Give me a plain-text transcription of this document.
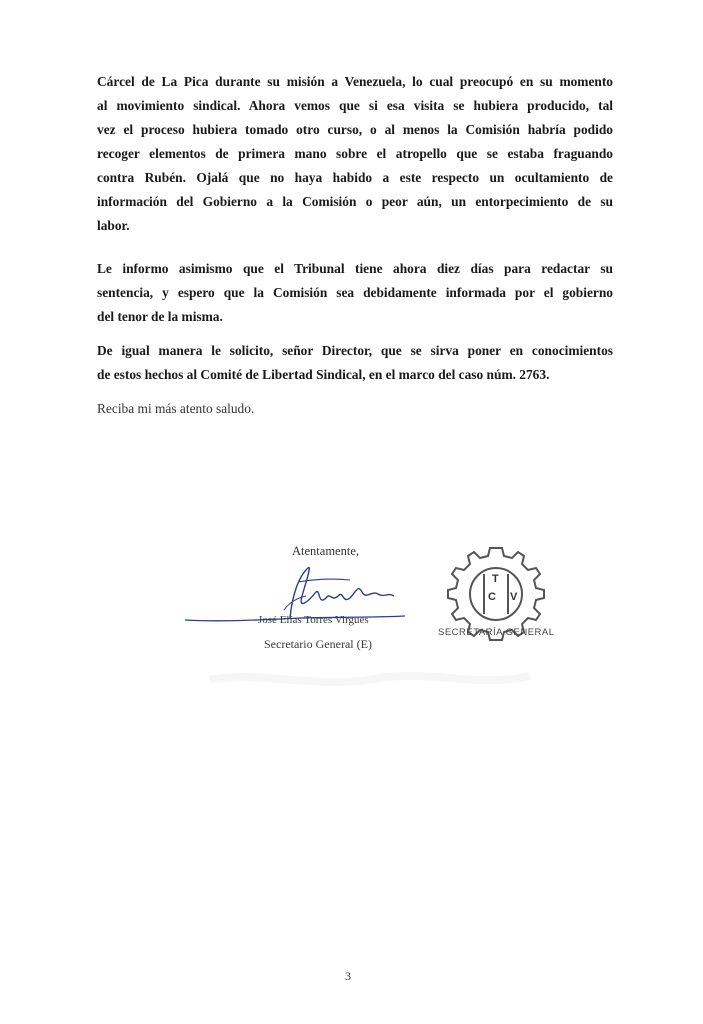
Cárcel de La Pica durante su misión a Venezuela, lo cual preocupó en su momento
al movimiento sindical. Ahora vemos que si esa visita se hubiera producido, tal
vez el proceso hubiera tomado otro curso, o al menos la Comisión habría podido
recoger elementos de primera mano sobre el atropello que se estaba fraguando
contra Rubén. Ojalá que no haya habido a este respecto un ocultamiento de
información del Gobierno a la Comisión o peor aún, un entorpecimiento de su
labor.
Le informo asimismo que el Tribunal tiene ahora diez días para redactar su
sentencia, y espero que la Comisión sea debidamente informada por el gobierno
del tenor de la misma.
De igual manera le solicito, señor Director, que se sirva poner en conocimientos
de estos hechos al Comité de Libertad Sindical, en el marco del caso núm. 2763.
Reciba mi más atento saludo.
Atentamente,
José Elías Torres Virgues
Secretario General (E)
T
C V
SECRETARÍA GENERAL
3
